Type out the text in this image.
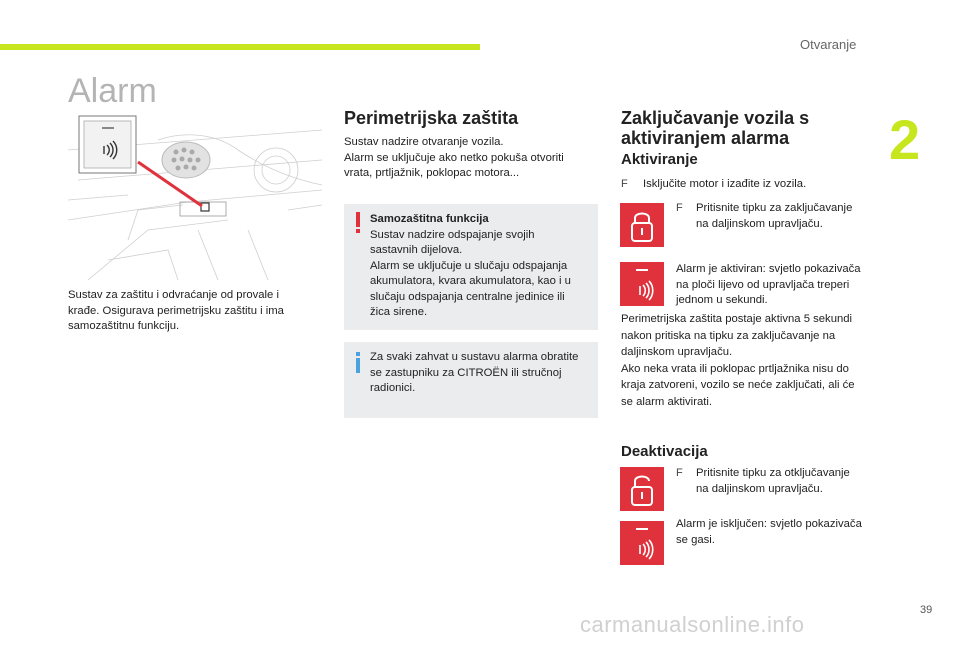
Otvaranje
2
Alarm
Sustav za zaštitu i odvraćanje od provale i
krađe. Osigurava perimetrijsku zaštitu i ima
samozaštitnu funkciju.
Perimetrijska zaštita
Sustav nadzire otvaranje vozila.
Alarm se uključuje ako netko pokuša otvoriti
vrata, prtljažnik, poklopac motora...
Samozaštitna funkcija
Sustav nadzire odspajanje svojih
sastavnih dijelova.
Alarm se uključuje u slučaju odspajanja
akumulatora, kvara akumulatora, kao i u
slučaju odspajanja centralne jedinice ili
žica sirene.
Za svaki zahvat u sustavu alarma obratite
se zastupniku za CITROËN ili stručnoj
radionici.
Zaključavanje vozila s
aktiviranjem alarma
Aktiviranje
F Isključite motor i izađite iz vozila.
F Pritisnite tipku za zaključavanje
na daljinskom upravljaču.
Alarm je aktiviran: svjetlo pokazivača
na ploči lijevo od upravljača treperi
jednom u sekundi.
Perimetrijska zaštita postaje aktivna 5 sekundi
nakon pritiska na tipku za zaključavanje na
daljinskom upravljaču.
Ako neka vrata ili poklopac prtljažnika nisu do
kraja zatvoreni, vozilo se neće zaključati, ali će
se alarm aktivirati.
Deaktivacija
F Pritisnite tipku za otključavanje
na daljinskom upravljaču.
Alarm je isključen: svjetlo pokazivača
se gasi.
39
carmanualsonline.info
